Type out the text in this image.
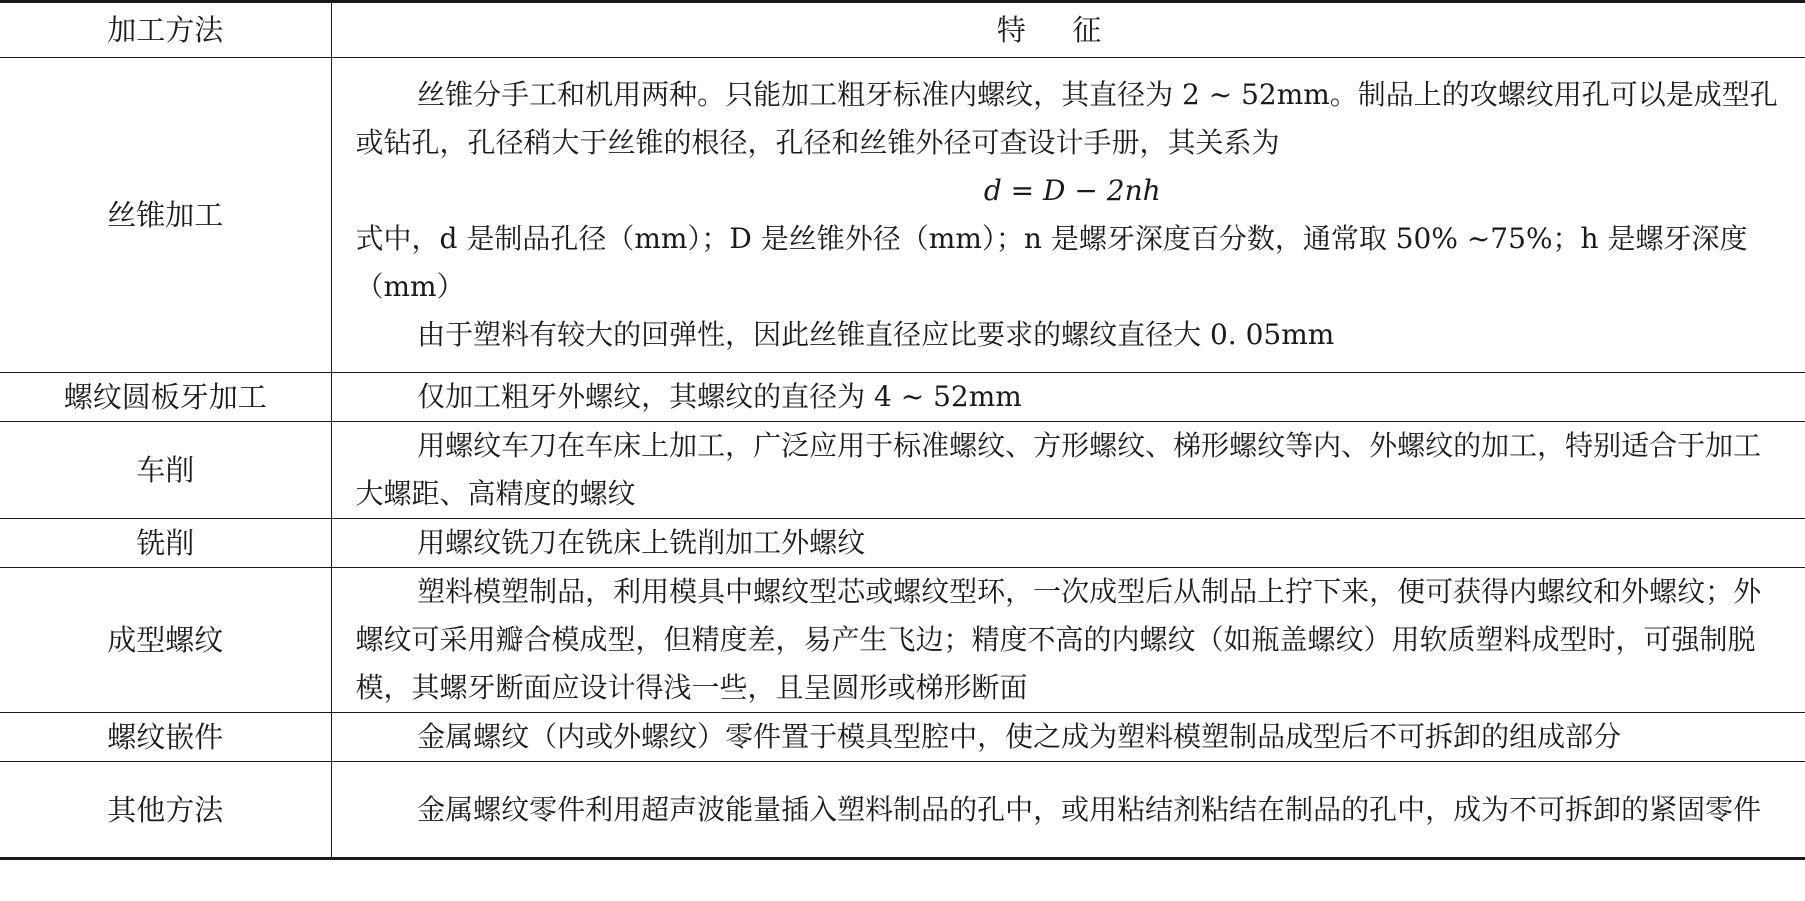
加工方法	特征
丝锥加工	丝锥分手工和机用两种。只能加工粗牙标准内螺纹，其直径为 2 ~ 52mm。制品上的攻螺纹用孔可以是成型孔或钻孔，孔径稍大于丝锥的根径，孔径和丝锥外径可查设计手册，其关系为

d = D − 2nh

式中，d 是制品孔径（mm）；D 是丝锥外径（mm）；n 是螺牙深度百分数，通常取 50% ~75%；h 是螺牙深度（mm）

由于塑料有较大的回弹性，因此丝锥直径应比要求的螺纹直径大 0. 05mm

螺纹圆板牙加工	仅加工粗牙外螺纹，其螺纹的直径为 4 ~ 52mm

车削	用螺纹车刀在车床上加工，广泛应用于标准螺纹、方形螺纹、梯形螺纹等内、外螺纹的加工，特别适合于加工大螺距、高精度的螺纹

铣削	用螺纹铣刀在铣床上铣削加工外螺纹

成型螺纹	塑料模塑制品，利用模具中螺纹型芯或螺纹型环，一次成型后从制品上拧下来，便可获得内螺纹和外螺纹；外螺纹可采用瓣合模成型，但精度差，易产生飞边；精度不高的内螺纹（如瓶盖螺纹）用软质塑料成型时，可强制脱模，其螺牙断面应设计得浅一些，且呈圆形或梯形断面

螺纹嵌件	金属螺纹（内或外螺纹）零件置于模具型腔中，使之成为塑料模塑制品成型后不可拆卸的组成部分

其他方法	金属螺纹零件利用超声波能量插入塑料制品的孔中，或用粘结剂粘结在制品的孔中，成为不可拆卸的紧固零件
